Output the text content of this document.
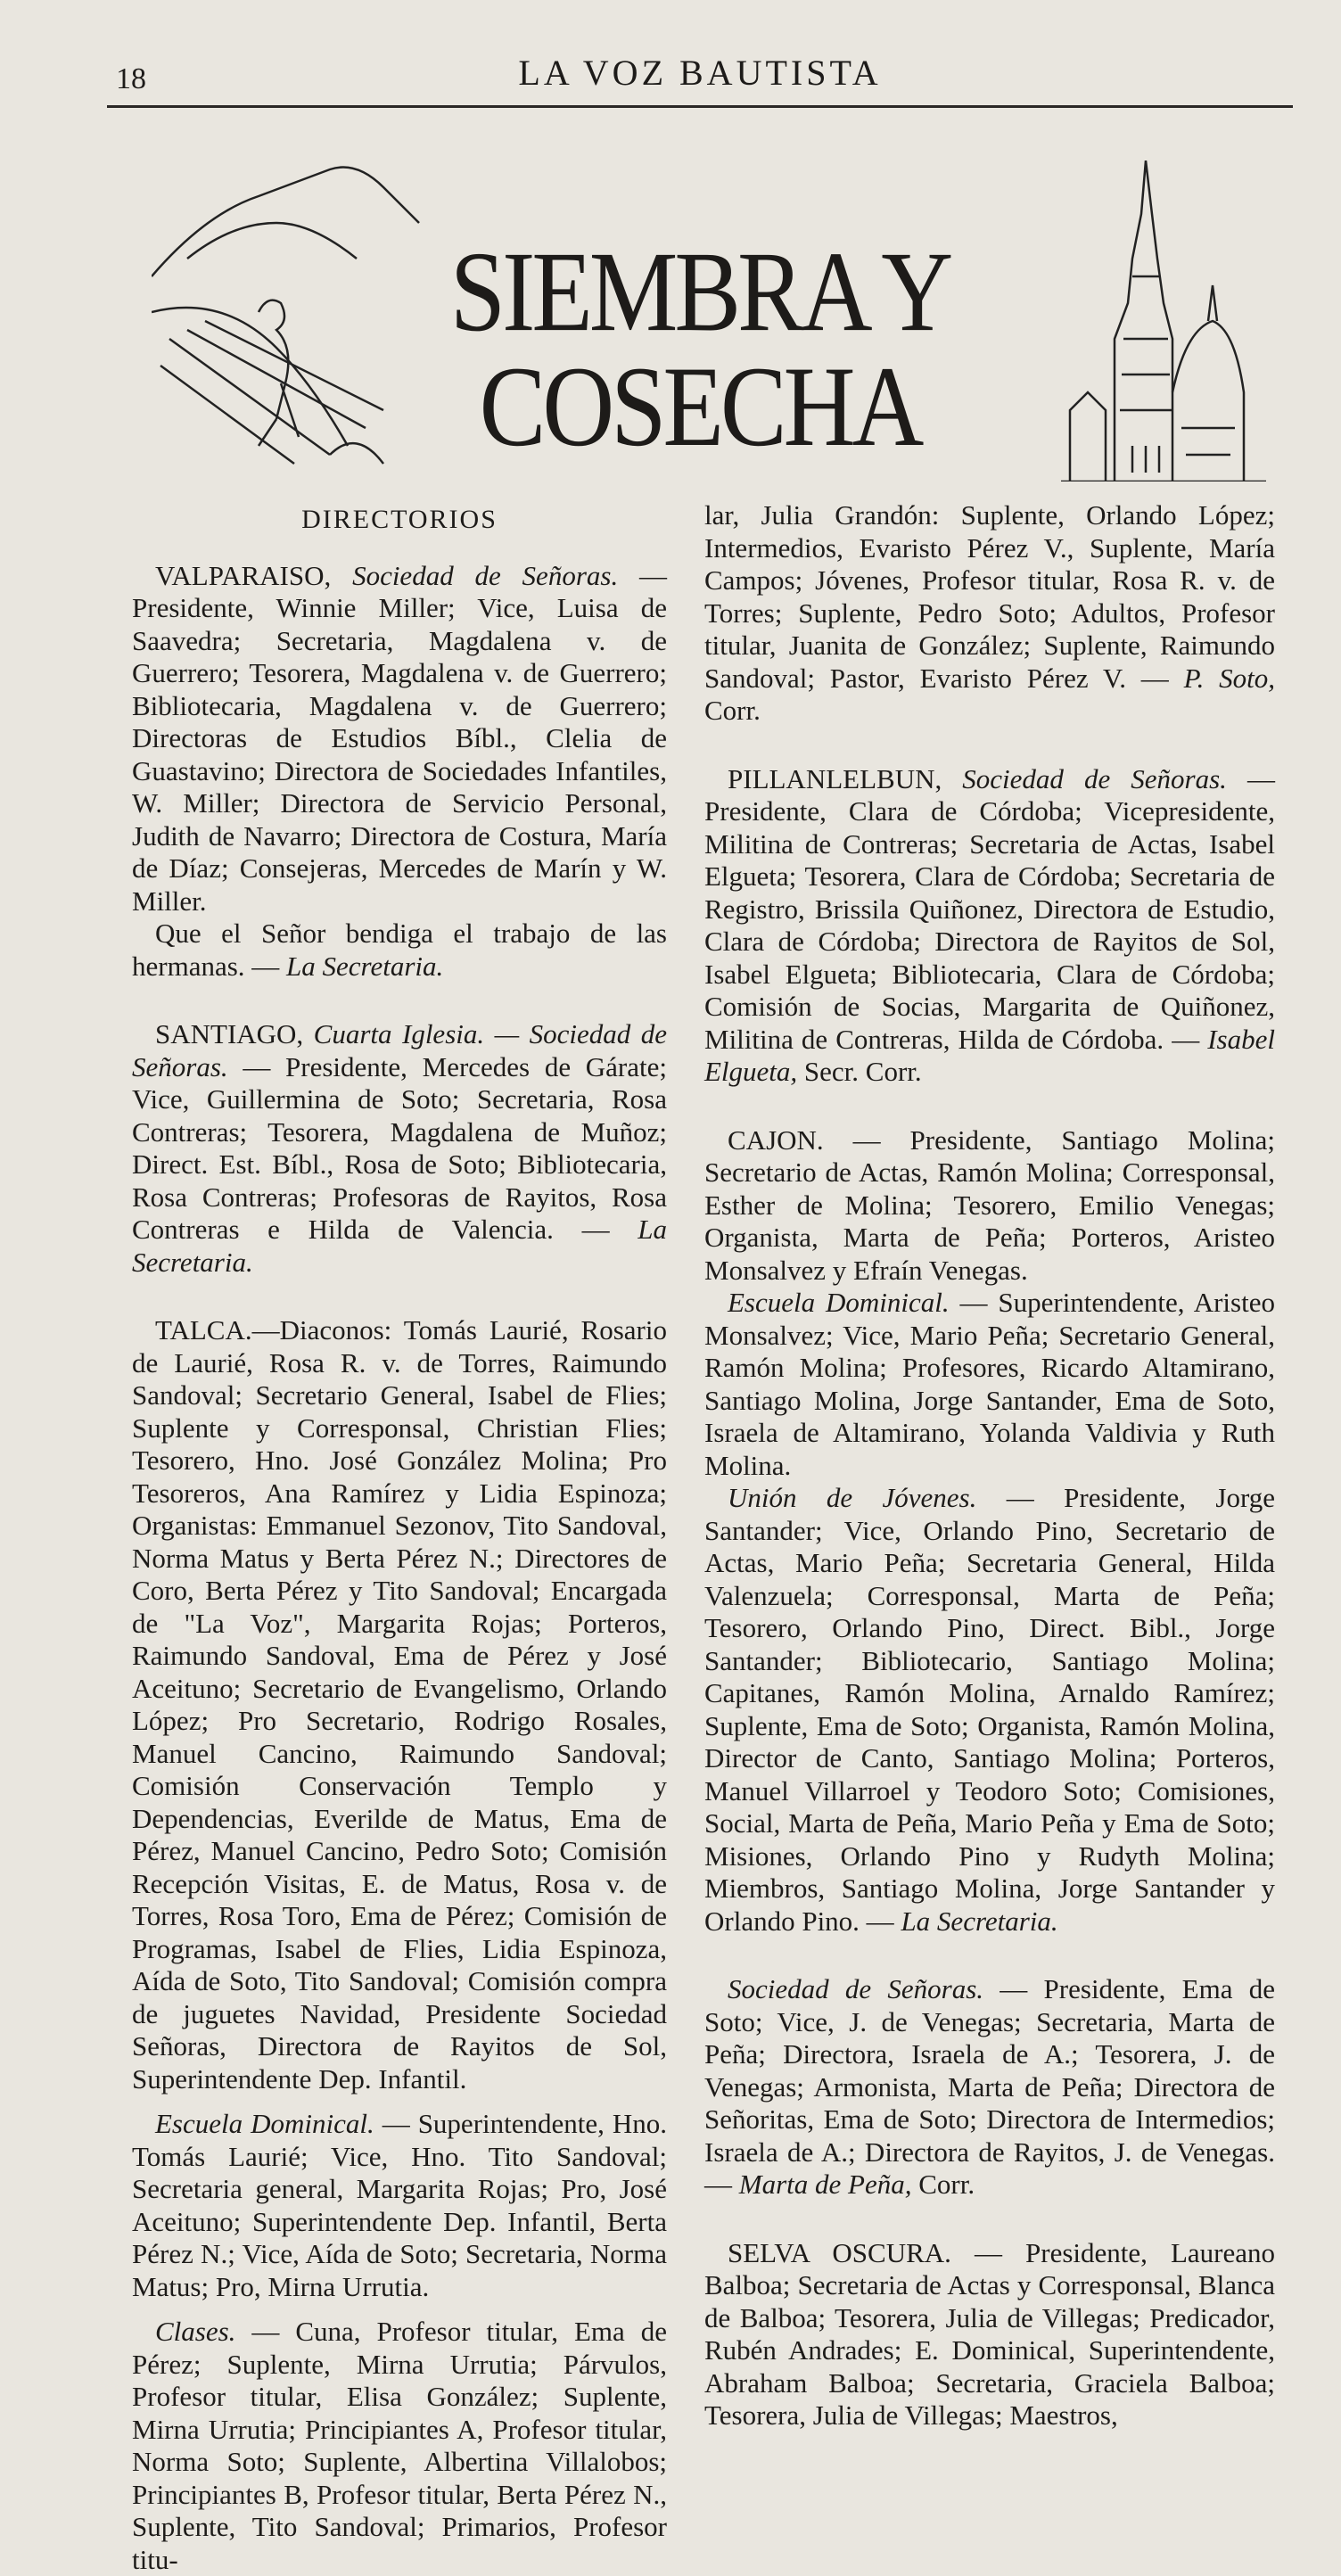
18	LA VOZ BAUTISTA
SIEMBRA Y COSECHA
DIRECTORIOS

VALPARAISO, Sociedad de Señoras. — Presidente, Winnie Miller; Vice, Luisa de Saavedra; Secretaria, Magdalena v. de Guerrero; Tesorera, Magdalena v. de Guerrero; Bibliotecaria, Magdalena v. de Guerrero; Directoras de Estudios Bíbl., Clelia de Guastavino; Directora de Sociedades Infantiles, W. Miller; Directora de Servicio Personal, Judith de Navarro; Directora de Costura, María de Díaz; Consejeras, Mercedes de Marín y W. Miller.

Que el Señor bendiga el trabajo de las hermanas. — La Secretaria.

SANTIAGO, Cuarta Iglesia. — Sociedad de Señoras. — Presidente, Mercedes de Gárate; Vice, Guillermina de Soto; Secretaria, Rosa Contreras; Tesorera, Magdalena de Muñoz; Direct. Est. Bíbl., Rosa de Soto; Bibliotecaria, Rosa Contreras; Profesoras de Rayitos, Rosa Contreras e Hilda de Valencia. — La Secretaria.

TALCA.—Diaconos: Tomás Laurié, Rosario de Laurié, Rosa R. v. de Torres, Raimundo Sandoval; Secretario General, Isabel de Flies; Suplente y Corresponsal, Christian Flies; Tesorero, Hno. José González Molina; Pro Tesoreros, Ana Ramírez y Lidia Espinoza; Organistas: Emmanuel Sezonov, Tito Sandoval, Norma Matus y Berta Pérez N.; Directores de Coro, Berta Pérez y Tito Sandoval; Encargada de "La Voz", Margarita Rojas; Porteros, Raimundo Sandoval, Ema de Pérez y José Aceituno; Secretario de Evangelismo, Orlando López; Pro Secretario, Rodrigo Rosales, Manuel Cancino, Raimundo Sandoval; Comisión Conservación Templo y Dependencias, Everilde de Matus, Ema de Pérez, Manuel Cancino, Pedro Soto; Comisión Recepción Visitas, E. de Matus, Rosa v. de Torres, Rosa Toro, Ema de Pérez; Comisión de Programas, Isabel de Flies, Lidia Espinoza, Aída de Soto, Tito Sandoval; Comisión compra de juguetes Navidad, Presidente Sociedad Señoras, Directora de Rayitos de Sol, Superintendente Dep. Infantil.

Escuela Dominical. — Superintendente, Hno. Tomás Laurié; Vice, Hno. Tito Sandoval; Secretaria general, Margarita Rojas; Pro, José Aceituno; Superintendente Dep. Infantil, Berta Pérez N.; Vice, Aída de Soto; Secretaria, Norma Matus; Pro, Mirna Urrutia.

Clases. — Cuna, Profesor titular, Ema de Pérez; Suplente, Mirna Urrutia; Párvulos, Profesor titular, Elisa González; Suplente, Mirna Urrutia; Principiantes A, Profesor titular, Norma Soto; Suplente, Albertina Villalobos; Principiantes B, Profesor titular, Berta Pérez N., Suplente, Tito Sandoval; Primarios, Profesor titu-

lar, Julia Grandón: Suplente, Orlando López; Intermedios, Evaristo Pérez V., Suplente, María Campos; Jóvenes, Profesor titular, Rosa R. v. de Torres; Suplente, Pedro Soto; Adultos, Profesor titular, Juanita de González; Suplente, Raimundo Sandoval; Pastor, Evaristo Pérez V. — P. Soto, Corr.

PILLANLELBUN, Sociedad de Señoras. — Presidente, Clara de Córdoba; Vicepresidente, Militina de Contreras; Secretaria de Actas, Isabel Elgueta; Tesorera, Clara de Córdoba; Secretaria de Registro, Brissila Quiñonez, Directora de Estudio, Clara de Córdoba; Directora de Rayitos de Sol, Isabel Elgueta; Bibliotecaria, Clara de Córdoba; Comisión de Socias, Margarita de Quiñonez, Militina de Contreras, Hilda de Córdoba. — Isabel Elgueta, Secr. Corr.

CAJON. — Presidente, Santiago Molina; Secretario de Actas, Ramón Molina; Corresponsal, Esther de Molina; Tesorero, Emilio Venegas; Organista, Marta de Peña; Porteros, Aristeo Monsalvez y Efraín Venegas.

Escuela Dominical. — Superintendente, Aristeo Monsalvez; Vice, Mario Peña; Secretario General, Ramón Molina; Profesores, Ricardo Altamirano, Santiago Molina, Jorge Santander, Ema de Soto, Israela de Altamirano, Yolanda Valdivia y Ruth Molina.

Unión de Jóvenes. — Presidente, Jorge Santander; Vice, Orlando Pino, Secretario de Actas, Mario Peña; Secretaria General, Hilda Valenzuela; Corresponsal, Marta de Peña; Tesorero, Orlando Pino, Direct. Bibl., Jorge Santander; Bibliotecario, Santiago Molina; Capitanes, Ramón Molina, Arnaldo Ramírez; Suplente, Ema de Soto; Organista, Ramón Molina, Director de Canto, Santiago Molina; Porteros, Manuel Villarroel y Teodoro Soto; Comisiones, Social, Marta de Peña, Mario Peña y Ema de Soto; Misiones, Orlando Pino y Rudyth Molina; Miembros, Santiago Molina, Jorge Santander y Orlando Pino. — La Secretaria.

Sociedad de Señoras. — Presidente, Ema de Soto; Vice, J. de Venegas; Secretaria, Marta de Peña; Directora, Israela de A.; Tesorera, J. de Venegas; Armonista, Marta de Peña; Directora de Señoritas, Ema de Soto; Directora de Intermedios; Israela de A.; Directora de Rayitos, J. de Venegas. — Marta de Peña, Corr.

SELVA OSCURA. — Presidente, Laureano Balboa; Secretaria de Actas y Corresponsal, Blanca de Balboa; Tesorera, Julia de Villegas; Predicador, Rubén Andrades; E. Dominical, Superintendente, Abraham Balboa; Secretaria, Graciela Balboa; Tesorera, Julia de Villegas; Maestros,
